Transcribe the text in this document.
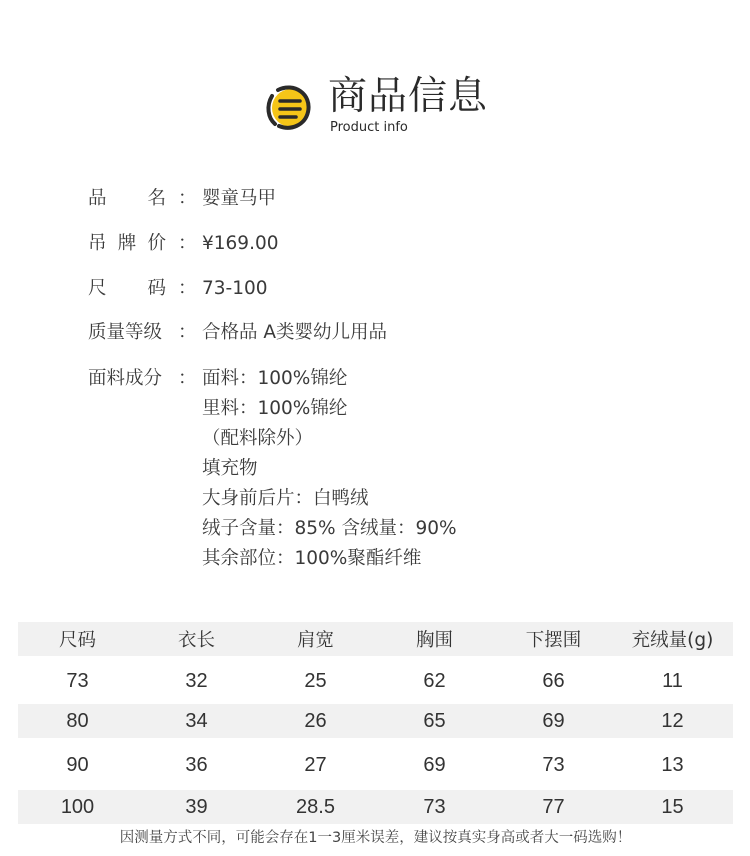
商品信息
Product info
品 名 ： 婴童马甲
吊 牌 价 ： ¥169.00
尺 码 ： 73-100
质量等级 ： 合格品 A类婴幼儿用品
面料成分 ： 面料：100%锦纶
里料：100%锦纶
（配料除外）
填充物
大身前后片：白鸭绒
绒子含量：85% 含绒量：90%
其余部位：100%聚酯纤维
尺码	衣长	肩宽	胸围	下摆围	充绒量(g)
73	32	25	62	66	11
80	34	26	65	69	12
90	36	27	69	73	13
100	39	28.5	73	77	15
因测量方式不同，可能会存在1一3厘米误差，建议按真实身高或者大一码选购！
